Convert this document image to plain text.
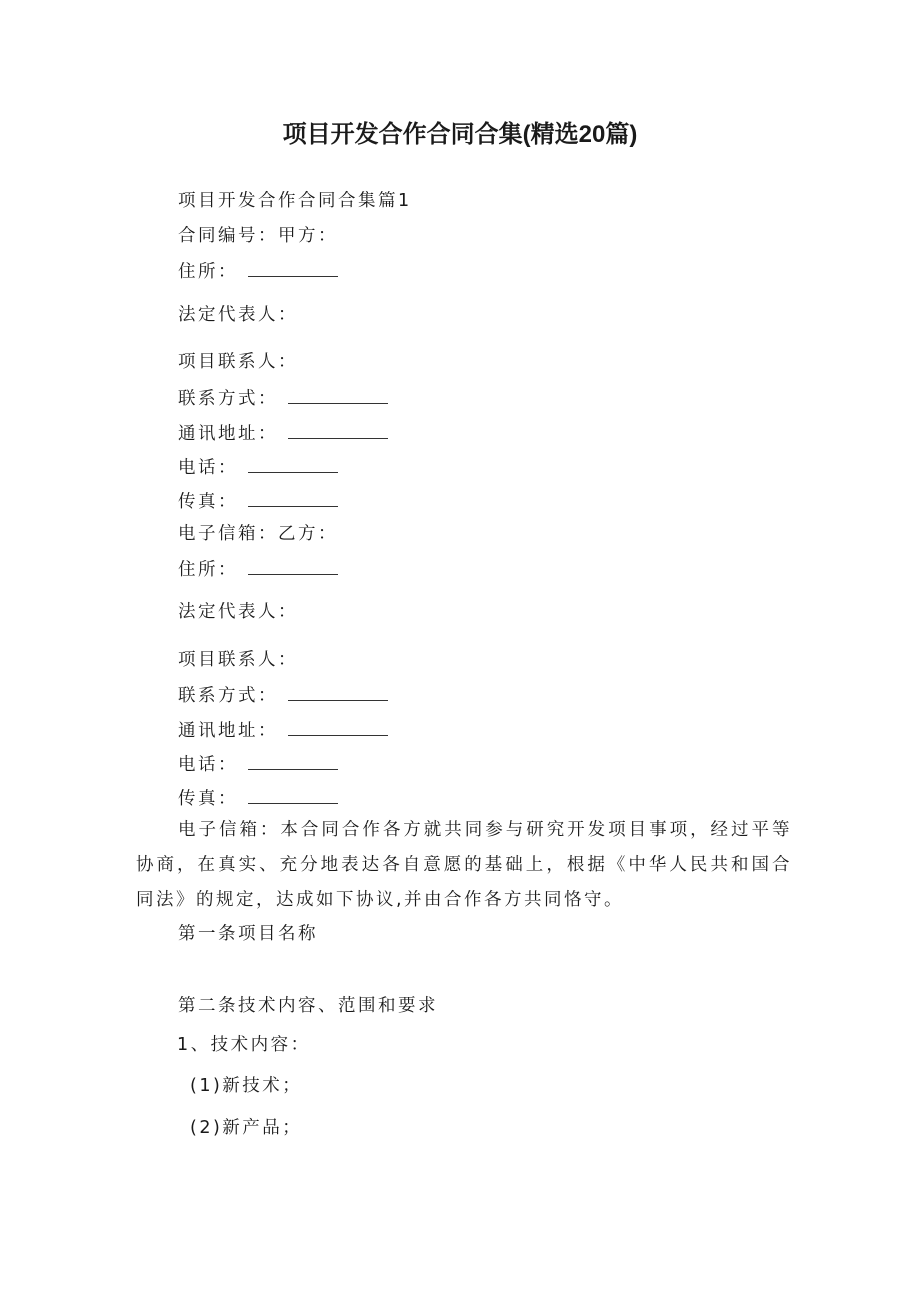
项目开发合作合同合集(精选20篇)
项目开发合作合同合集篇1
合同编号：甲方：
住所：
法定代表人：
项目联系人：
联系方式：
通讯地址：
电话：
传真：
电子信箱：乙方：
住所：
法定代表人：
项目联系人：
联系方式：
通讯地址：
电话：
传真：
电子信箱：本合同合作各方就共同参与研究开发项目事项，经过平等协商，在真实、充分地表达各自意愿的基础上，根据《中华人民共和国合同法》的规定，达成如下协议,并由合作各方共同恪守。
第一条项目名称
第二条技术内容、范围和要求
1、技术内容：
(1)新技术；
(2)新产品；
